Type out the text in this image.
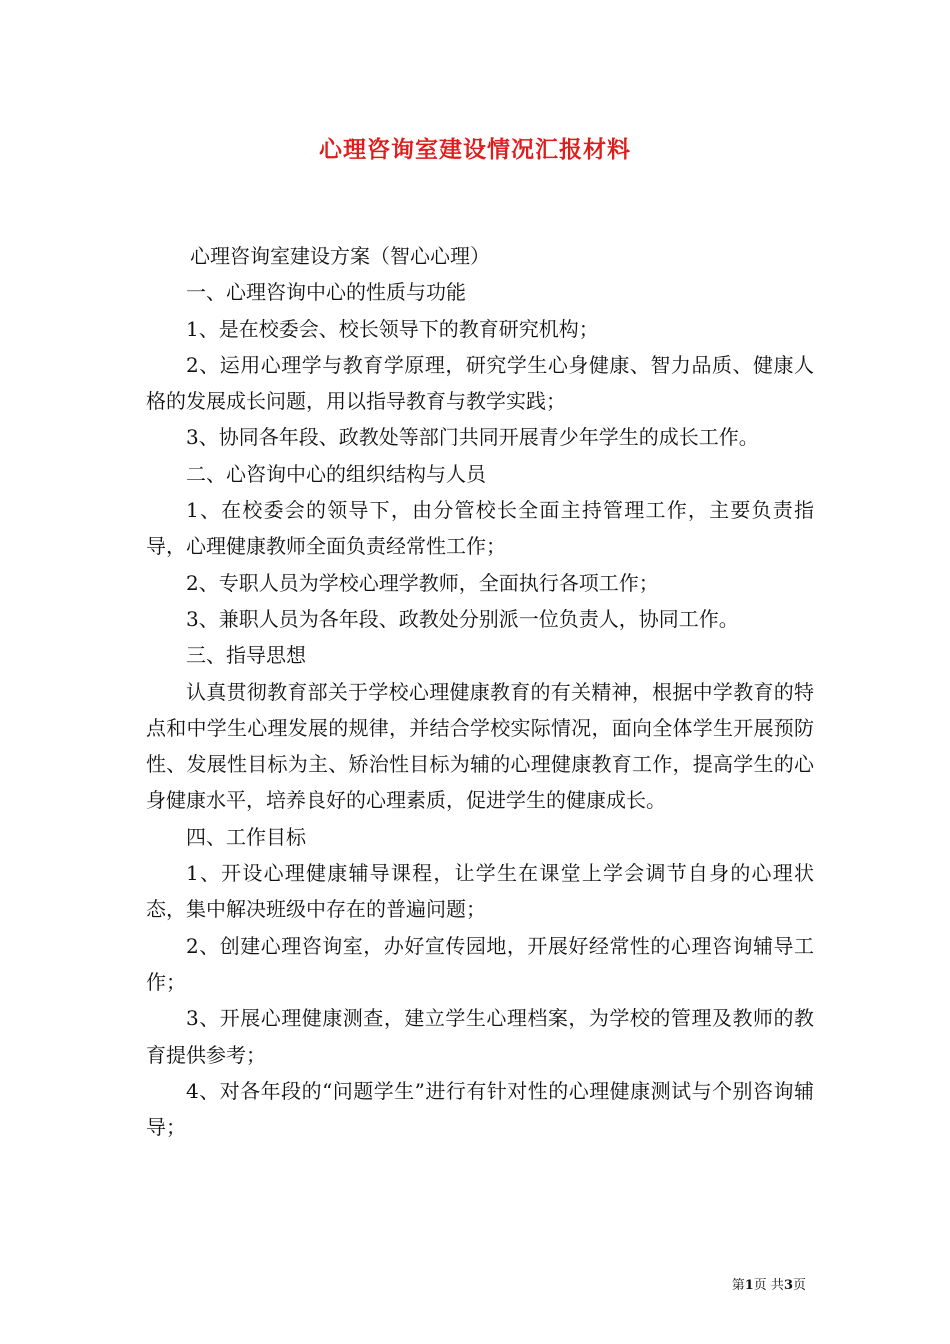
心理咨询室建设情况汇报材料

心理咨询室建设方案（智心心理）

一、心理咨询中心的性质与功能

1、是在校委会、校长领导下的教育研究机构；

2、运用心理学与教育学原理，研究学生心身健康、智力品质、健康人格的发展成长问题，用以指导教育与教学实践；

3、协同各年段、政教处等部门共同开展青少年学生的成长工作。

二、心咨询中心的组织结构与人员

1、在校委会的领导下，由分管校长全面主持管理工作，主要负责指导，心理健康教师全面负责经常性工作；

2、专职人员为学校心理学教师，全面执行各项工作；

3、兼职人员为各年段、政教处分别派一位负责人，协同工作。

三、指导思想

认真贯彻教育部关于学校心理健康教育的有关精神，根据中学教育的特点和中学生心理发展的规律，并结合学校实际情况，面向全体学生开展预防性、发展性目标为主、矫治性目标为辅的心理健康教育工作，提高学生的心身健康水平，培养良好的心理素质，促进学生的健康成长。

四、工作目标

1、开设心理健康辅导课程，让学生在课堂上学会调节自身的心理状态，集中解决班级中存在的普遍问题；

2、创建心理咨询室，办好宣传园地，开展好经常性的心理咨询辅导工作；

3、开展心理健康测查，建立学生心理档案，为学校的管理及教师的教育提供参考；

4、对各年段的“问题学生”进行有针对性的心理健康测试与个别咨询辅导；

第1页 共3页
